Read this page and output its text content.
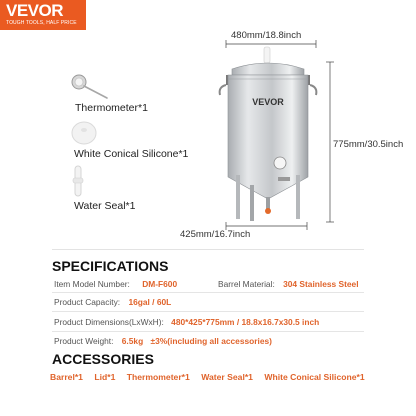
VEVOR
TOUGH TOOLS, HALF PRICE
Thermometer*1
White Conical Silicone*1
Water Seal*1
480mm/18.8inch
775mm/30.5inch
425mm/16.7inch
VEVOR
SPECIFICATIONS
Item Model Number: DM-F600	Barrel Material: 304 Stainless Steel
Product Capacity: 16gal / 60L
Product Dimensions(LxWxH): 480*425*775mm / 18.8x16.7x30.5 inch
Product Weight: 6.5kg ±3%(including all accessories)
ACCESSORIES
Barrel*1 Lid*1 Thermometer*1 Water Seal*1 White Conical Silicone*1
